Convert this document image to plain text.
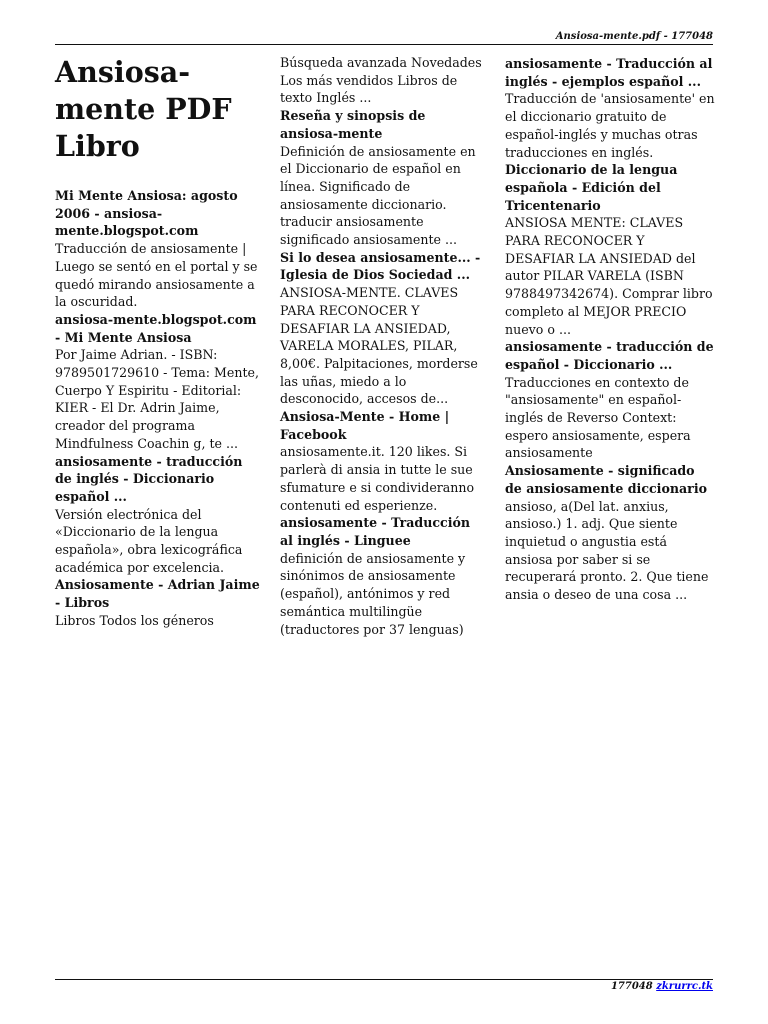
Ansiosa-mente.pdf - 177048
Ansiosa-mente PDF Libro
Mi Mente Ansiosa: agosto 2006 - ansiosa-mente.blogspot.com
Traducción de ansiosamente | Luego se sentó en el portal y se quedó mirando ansiosamente a la oscuridad.
ansiosa-mente.blogspot.com - Mi Mente Ansiosa
Por Jaime Adrian. - ISBN: 9789501729610 - Tema: Mente, Cuerpo Y Espiritu - Editorial: KIER - El Dr. Adrin Jaime, creador del programa Mindfulness Coachin g, te ...
ansiosamente - traducción de inglés - Diccionario español ...
Versión electrónica del «Diccionario de la lengua española», obra lexicográfica académica por excelencia.
Ansiosamente - Adrian Jaime - Libros
Libros Todos los géneros
Búsqueda avanzada Novedades Los más vendidos Libros de texto Inglés ...
Reseña y sinopsis de ansiosa-mente
Definición de ansiosamente en el Diccionario de español en línea. Significado de ansiosamente diccionario. traducir ansiosamente significado ansiosamente ...
Si lo desea ansiosamente... - Iglesia de Dios Sociedad ...
ANSIOSA-MENTE. CLAVES PARA RECONOCER Y DESAFIAR LA ANSIEDAD, VARELA MORALES, PILAR, 8,00€. Palpitaciones, morderse las uñas, miedo a lo desconocido, accesos de...
Ansiosa-Mente - Home | Facebook
ansiosamente.it. 120 likes. Si parlerà di ansia in tutte le sue sfumature e si condivideranno contenuti ed esperienze.
ansiosamente - Traducción al inglés - Linguee
definición de ansiosamente y sinónimos de ansiosamente (español), antónimos y red semántica multilingüe (traductores por 37 lenguas)
ansiosamente - Traducción al inglés - ejemplos español ...
Traducción de 'ansiosamente' en el diccionario gratuito de español-inglés y muchas otras traducciones en inglés.
Diccionario de la lengua española - Edición del Tricentenario
ANSIOSA MENTE: CLAVES PARA RECONOCER Y DESAFIAR LA ANSIEDAD del autor PILAR VARELA (ISBN 9788497342674). Comprar libro completo al MEJOR PRECIO nuevo o ...
ansiosamente - traducción de español - Diccionario ...
Traducciones en contexto de "ansiosamente" en español-inglés de Reverso Context: espero ansiosamente, espera ansiosamente
Ansiosamente - significado de ansiosamente diccionario
ansioso, a(Del lat. anxius, ansioso.) 1. adj. Que siente inquietud o angustia está ansiosa por saber si se recuperará pronto. 2. Que tiene ansia o deseo de una cosa ...
177048 zkrurrc.tk
